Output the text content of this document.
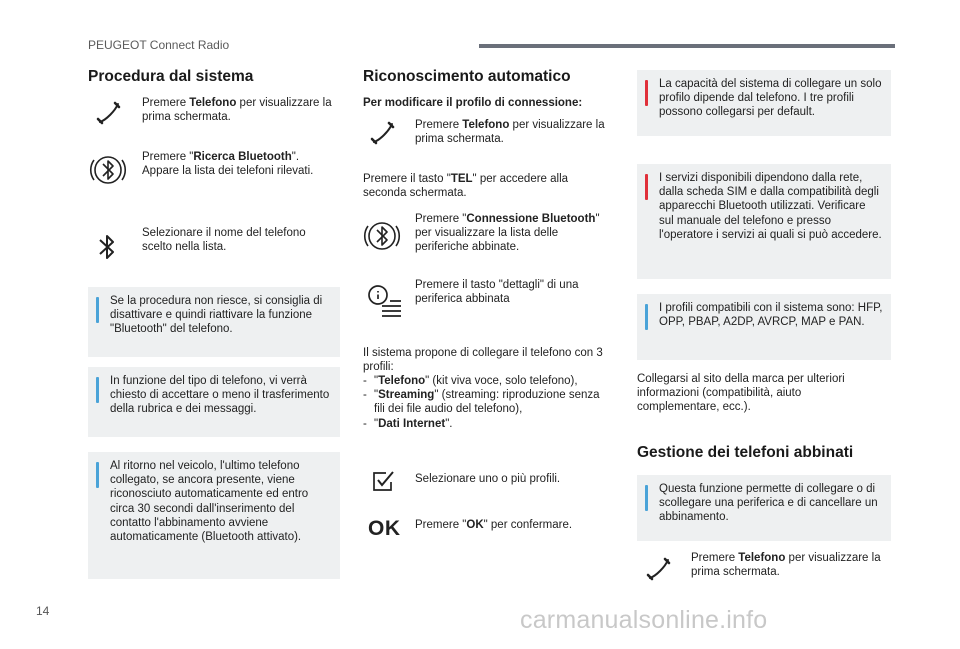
PEUGEOT Connect Radio
14	carmanualsonline.info
Procedura dal sistema
Premere Telefono per visualizzare la prima schermata.
Premere "Ricerca Bluetooth". Appare la lista dei telefoni rilevati.
Selezionare il nome del telefono scelto nella lista.
Se la procedura non riesce, si consiglia di disattivare e quindi riattivare la funzione "Bluetooth" del telefono.
In funzione del tipo di telefono, vi verrà chiesto di accettare o meno il trasferimento della rubrica e dei messaggi.
Al ritorno nel veicolo, l'ultimo telefono collegato, se ancora presente, viene riconosciuto automaticamente ed entro circa 30 secondi dall'inserimento del contatto l'abbinamento avviene automaticamente (Bluetooth attivato).
Riconoscimento automatico
Per modificare il profilo di connessione:
Premere Telefono per visualizzare la prima schermata.
Premere il tasto "TEL" per accedere alla seconda schermata.
Premere "Connessione Bluetooth" per visualizzare la lista delle periferiche abbinate.
Premere il tasto "dettagli" di una periferica abbinata
Il sistema propone di collegare il telefono con 3 profili:
- "Telefono" (kit viva voce, solo telefono),
- "Streaming" (streaming: riproduzione senza fili dei file audio del telefono),
- "Dati Internet".
Selezionare uno o più profili.
OK Premere "OK" per confermare.
La capacità del sistema di collegare un solo profilo dipende dal telefono. I tre profili possono collegarsi per default.
I servizi disponibili dipendono dalla rete, dalla scheda SIM e dalla compatibilità degli apparecchi Bluetooth utilizzati. Verificare sul manuale del telefono e presso l'operatore i servizi ai quali si può accedere.
I profili compatibili con il sistema sono: HFP, OPP, PBAP, A2DP, AVRCP, MAP e PAN.
Collegarsi al sito della marca per ulteriori informazioni (compatibilità, aiuto complementare, ecc.).
Gestione dei telefoni abbinati
Questa funzione permette di collegare o di scollegare una periferica e di cancellare un abbinamento.
Premere Telefono per visualizzare la prima schermata.
